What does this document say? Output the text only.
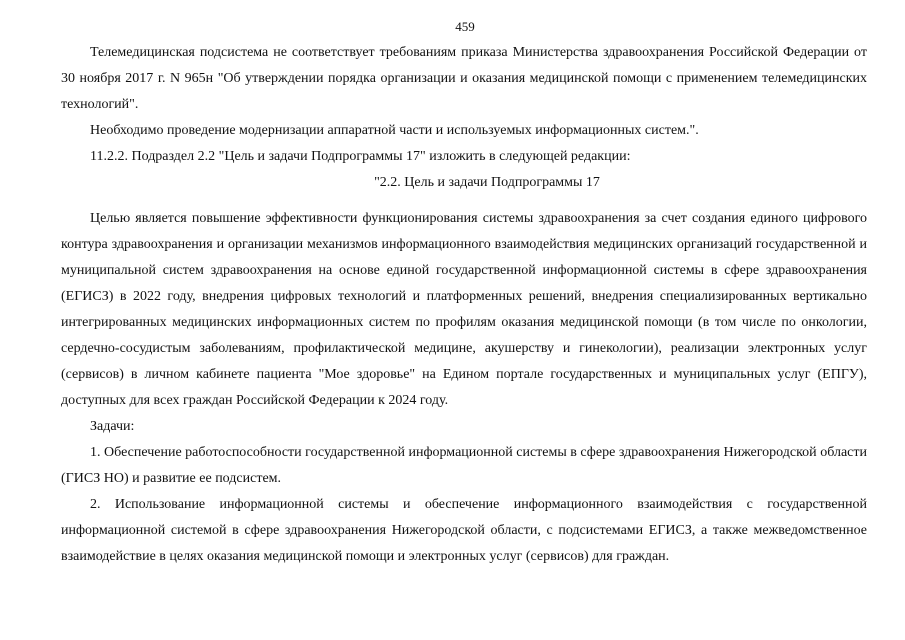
459

Телемедицинская подсистема не соответствует требованиям приказа Министерства здравоохранения Российской Федерации от 30 ноября 2017 г. N 965н "Об утверждении порядка организации и оказания медицинской помощи с применением телемедицинских технологий".

Необходимо проведение модернизации аппаратной части и используемых информационных систем.".

11.2.2. Подраздел 2.2 "Цель и задачи Подпрограммы 17" изложить в следующей редакции:

"2.2. Цель и задачи Подпрограммы 17

Целью является повышение эффективности функционирования системы здравоохранения за счет создания единого цифрового контура здравоохранения и организации механизмов информационного взаимодействия медицинских организаций государственной и муниципальной систем здравоохранения на основе единой государственной информационной системы в сфере здравоохранения (ЕГИСЗ) в 2022 году, внедрения цифровых технологий и платформенных решений, внедрения специализированных вертикально интегрированных медицинских информационных систем по профилям оказания медицинской помощи (в том числе по онкологии, сердечно-сосудистым заболеваниям, профилактической медицине, акушерству и гинекологии), реализации электронных услуг (сервисов) в личном кабинете пациента "Мое здоровье" на Едином портале государственных и муниципальных услуг (ЕПГУ), доступных для всех граждан Российской Федерации к 2024 году.

Задачи:

1. Обеспечение работоспособности государственной информационной системы в сфере здравоохранения Нижегородской области (ГИСЗ НО) и развитие ее подсистем.

2. Использование информационной системы и обеспечение информационного взаимодействия с государственной информационной системой в сфере здравоохранения Нижегородской области, с подсистемами ЕГИСЗ, а также межведомственное взаимодействие в целях оказания медицинской помощи и электронных услуг (сервисов) для граждан.
